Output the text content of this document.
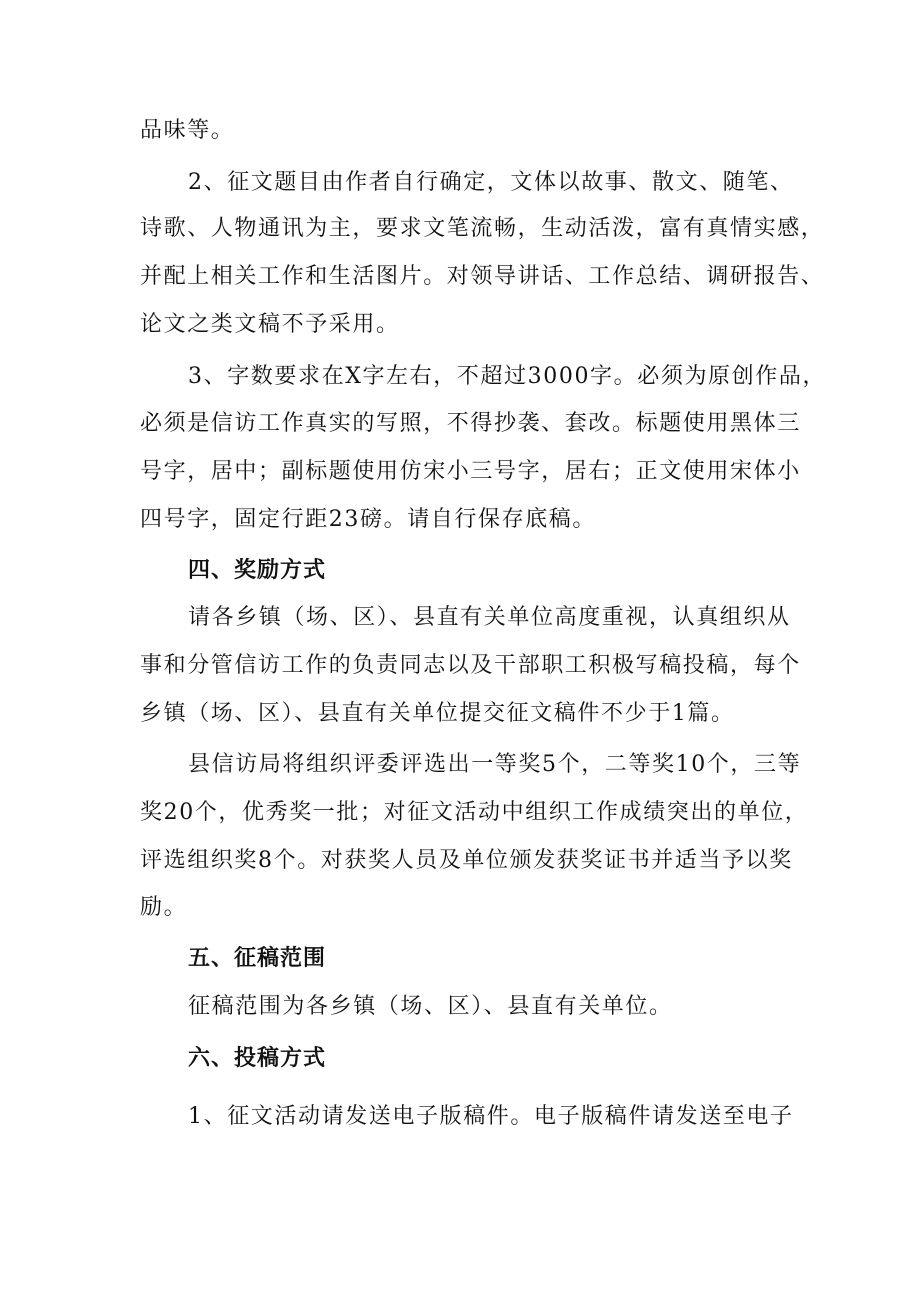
品味等。
2、征文题目由作者自行确定，文体以故事、散文、随笔、
诗歌、人物通讯为主，要求文笔流畅，生动活泼，富有真情实感，
并配上相关工作和生活图片。对领导讲话、工作总结、调研报告、
论文之类文稿不予采用。
3、字数要求在X字左右，不超过3000字。必须为原创作品，
必须是信访工作真实的写照，不得抄袭、套改。标题使用黑体三
号字，居中；副标题使用仿宋小三号字，居右；正文使用宋体小
四号字，固定行距23磅。请自行保存底稿。
四、奖励方式
请各乡镇（场、区）、县直有关单位高度重视，认真组织从
事和分管信访工作的负责同志以及干部职工积极写稿投稿，每个
乡镇（场、区）、县直有关单位提交征文稿件不少于1篇。
县信访局将组织评委评选出一等奖5个，二等奖10个，三等
奖20个，优秀奖一批；对征文活动中组织工作成绩突出的单位，
评选组织奖8个。对获奖人员及单位颁发获奖证书并适当予以奖
励。
五、征稿范围
征稿范围为各乡镇（场、区）、县直有关单位。
六、投稿方式
1、征文活动请发送电子版稿件。电子版稿件请发送至电子
